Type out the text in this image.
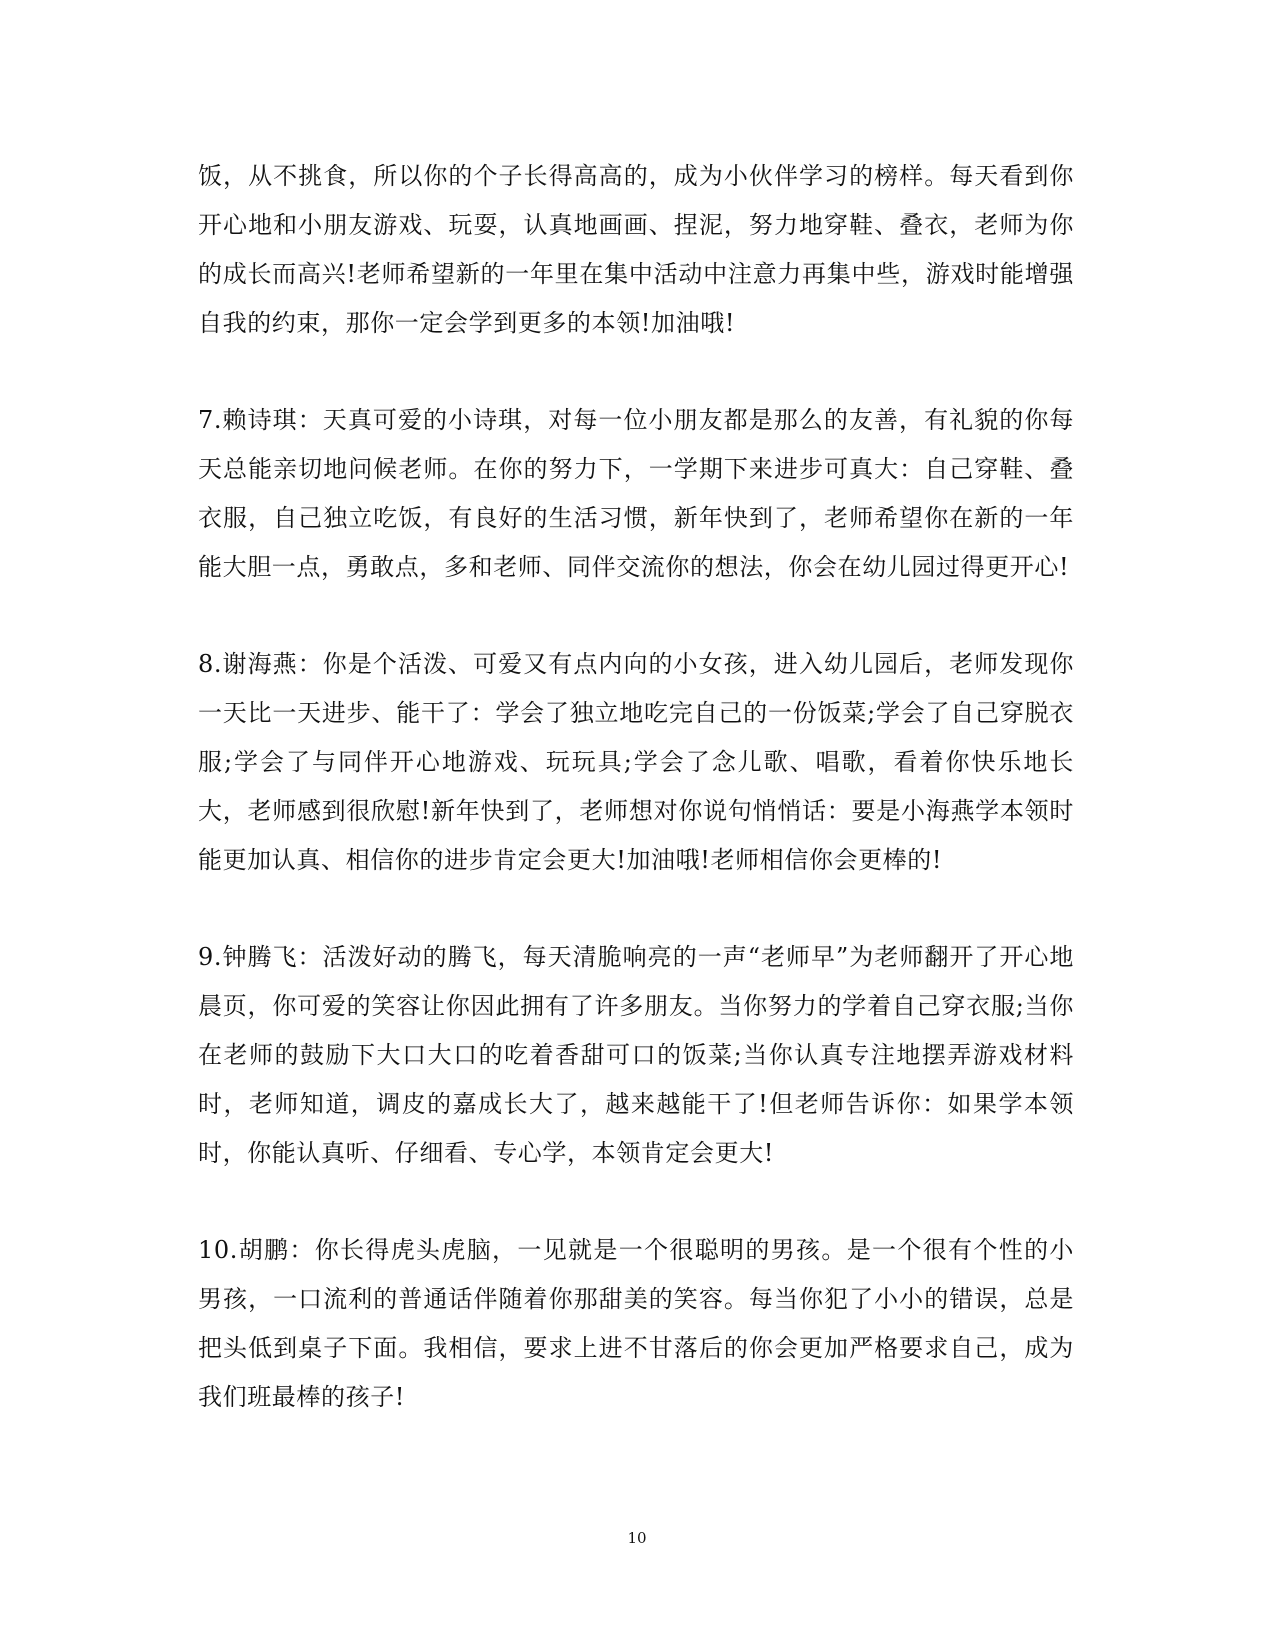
饭，从不挑食，所以你的个子长得高高的，成为小伙伴学习的榜样。每天看到你开心地和小朋友游戏、玩耍，认真地画画、捏泥，努力地穿鞋、叠衣，老师为你的成长而高兴!老师希望新的一年里在集中活动中注意力再集中些，游戏时能增强自我的约束，那你一定会学到更多的本领!加油哦!

7.赖诗琪：天真可爱的小诗琪，对每一位小朋友都是那么的友善，有礼貌的你每天总能亲切地问候老师。在你的努力下，一学期下来进步可真大：自己穿鞋、叠衣服，自己独立吃饭，有良好的生活习惯，新年快到了，老师希望你在新的一年能大胆一点，勇敢点，多和老师、同伴交流你的想法，你会在幼儿园过得更开心!

8.谢海燕：你是个活泼、可爱又有点内向的小女孩，进入幼儿园后，老师发现你一天比一天进步、能干了：学会了独立地吃完自己的一份饭菜;学会了自己穿脱衣服;学会了与同伴开心地游戏、玩玩具;学会了念儿歌、唱歌，看着你快乐地长大，老师感到很欣慰!新年快到了，老师想对你说句悄悄话：要是小海燕学本领时能更加认真、相信你的进步肯定会更大!加油哦!老师相信你会更棒的!

9.钟腾飞：活泼好动的腾飞，每天清脆响亮的一声“老师早”为老师翻开了开心地晨页，你可爱的笑容让你因此拥有了许多朋友。当你努力的学着自己穿衣服;当你在老师的鼓励下大口大口的吃着香甜可口的饭菜;当你认真专注地摆弄游戏材料时，老师知道，调皮的嘉成长大了，越来越能干了!但老师告诉你：如果学本领时，你能认真听、仔细看、专心学，本领肯定会更大!

10.胡鹏：你长得虎头虎脑，一见就是一个很聪明的男孩。是一个很有个性的小男孩，一口流利的普通话伴随着你那甜美的笑容。每当你犯了小小的错误，总是把头低到桌子下面。我相信，要求上进不甘落后的你会更加严格要求自己，成为我们班最棒的孩子!

10
